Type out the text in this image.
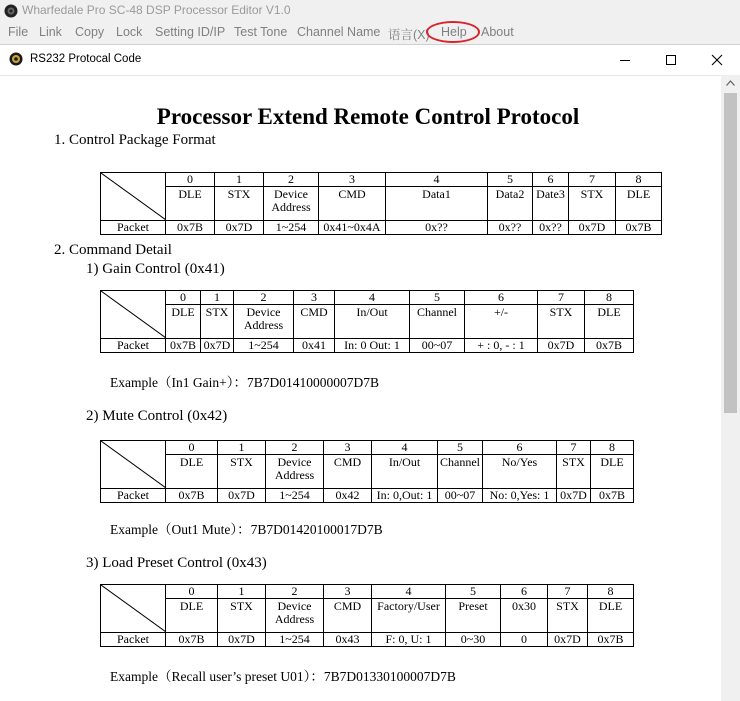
Wharfedale Pro SC-48 DSP Processor Editor V1.0
File Link Copy Lock Setting ID/IP Test Tone Channel Name 语言(X) Help About
RS232 Protocal Code
Processor Extend Remote Control Protocol
1. Control Package Format
	0	1	2	3	4	5	6	7	8
	DLE	STX	Device Address	CMD	Data1	Data2	Date3	STX	DLE
Packet	0x7B	0x7D	1~254	0x41~0x4A	0x??	0x??	0x??	0x7D	0x7B
2. Command Detail
1) Gain Control (0x41)
	0	1	2	3	4	5	6	7	8
	DLE	STX	Device Address	CMD	In/Out	Channel	+/-	STX	DLE
Packet	0x7B	0x7D	1~254	0x41	In: 0 Out: 1	00~07	+ : 0, - : 1	0x7D	0x7B
Example（In1 Gain+）：7B7D01410000007D7B
2) Mute Control (0x42)
	0	1	2	3	4	5	6	7	8
	DLE	STX	Device Address	CMD	In/Out	Channel	No/Yes	STX	DLE
Packet	0x7B	0x7D	1~254	0x42	In: 0,Out: 1	00~07	No: 0,Yes: 1	0x7D	0x7B
Example（Out1 Mute）：7B7D01420100017D7B
3) Load Preset Control (0x43)
	0	1	2	3	4	5	6	7	8
	DLE	STX	Device Address	CMD	Factory/User	Preset	0x30	STX	DLE
Packet	0x7B	0x7D	1~254	0x43	F: 0, U: 1	0~30	0	0x7D	0x7B
Example（Recall user’s preset U01）：7B7D01330100007D7B
